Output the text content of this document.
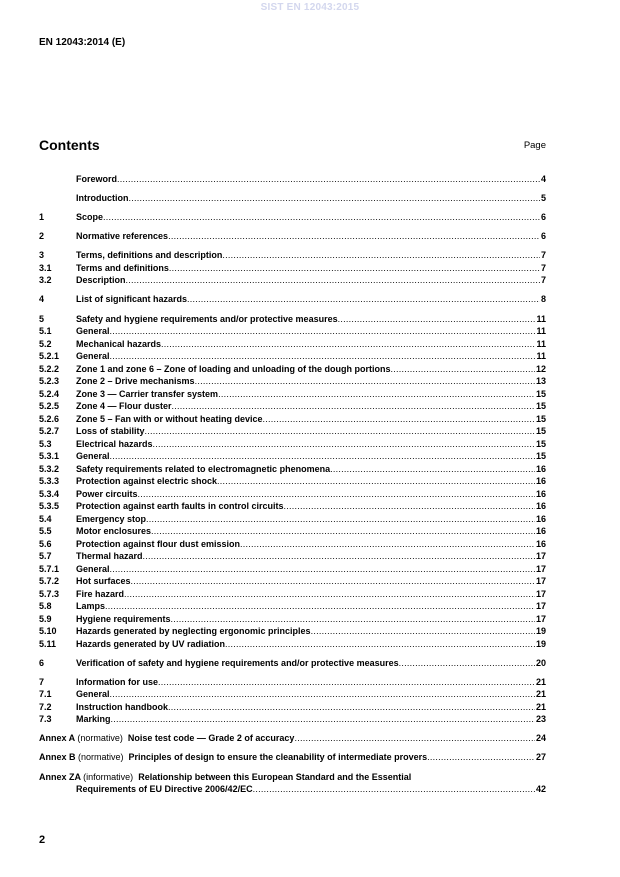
SIST EN 12043:2015
EN 12043:2014 (E)
Contents	Page
Foreword .....	4
Introduction .....	5
1	Scope .....	6
2	Normative references .....	6
3	Terms, definitions and description .....	7
3.1	Terms and definitions .....	7
3.2	Description .....	7
4	List of significant hazards .....	8
5	Safety and hygiene requirements and/or protective measures .....	11
5.1	General .....	11
5.2	Mechanical hazards .....	11
5.2.1	General .....	11
5.2.2	Zone 1 and zone 6 – Zone of loading and unloading of the dough portions .....	12
5.2.3	Zone 2 – Drive mechanisms .....	13
5.2.4	Zone 3 — Carrier transfer system .....	15
5.2.5	Zone 4 — Flour duster .....	15
5.2.6	Zone 5 – Fan with or without heating device .....	15
5.2.7	Loss of stability .....	15
5.3	Electrical hazards .....	15
5.3.1	General .....	15
5.3.2	Safety requirements related to electromagnetic phenomena .....	16
5.3.3	Protection against electric shock .....	16
5.3.4	Power circuits .....	16
5.3.5	Protection against earth faults in control circuits .....	16
5.4	Emergency stop .....	16
5.5	Motor enclosures .....	16
5.6	Protection against flour dust emission .....	16
5.7	Thermal hazard .....	17
5.7.1	General .....	17
5.7.2	Hot surfaces .....	17
5.7.3	Fire hazard .....	17
5.8	Lamps .....	17
5.9	Hygiene requirements .....	17
5.10	Hazards generated by neglecting ergonomic principles .....	19
5.11	Hazards generated by UV radiation .....	19
6	Verification of safety and hygiene requirements and/or protective measures .....	20
7	Information for use .....	21
7.1	General .....	21
7.2	Instruction handbook .....	21
7.3	Marking .....	23
Annex A (normative) Noise test code — Grade 2 of accuracy .....	24
Annex B (normative) Principles of design to ensure the cleanability of intermediate provers .....	27
Annex ZA (informative) Relationship between this European Standard and the Essential
Requirements of EU Directive 2006/42/EC .....	42
2
